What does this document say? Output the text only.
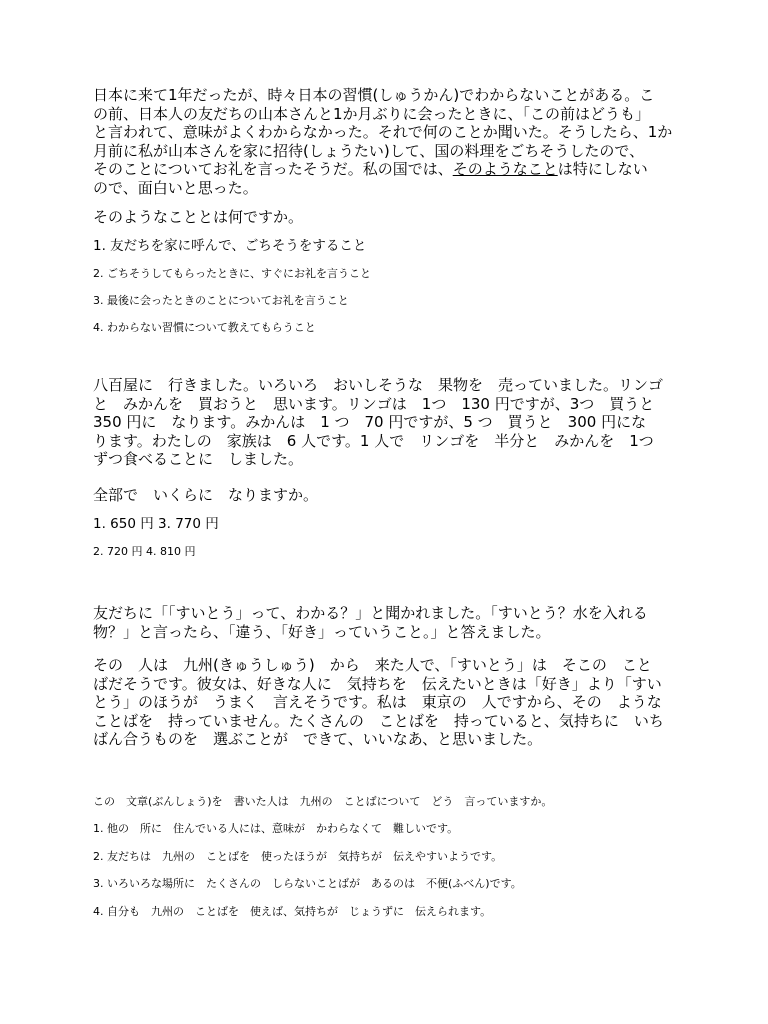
日本に来て1年だったが、時々日本の習慣(しゅうかん)でわからないことがある。こ
の前、日本人の友だちの山本さんと1か月ぶりに会ったときに、「この前はどうも」
と言われて、意味がよくわからなかった。それで何のことか聞いた。そうしたら、1か
月前に私が山本さんを家に招待(しょうたい)して、国の料理をごちそうしたので、
そのことについてお礼を言ったそうだ。私の国では、そのようなことは特にしない
ので、面白いと思った。
そのようなこととは何ですか。
1. 友だちを家に呼んで、ごちそうをすること
2. ごちそうしてもらったときに、すぐにお礼を言うこと
3. 最後に会ったときのことについてお礼を言うこと
4. わからない習慣について教えてもらうこと
八百屋に　行きました。いろいろ　おいしそうな　果物を　売っていました。リンゴ
と　みかんを　買おうと　思います。リンゴは　1つ　130 円ですが、3つ　買うと
350 円に　なります。みかんは　1 つ　70 円ですが、5 つ　買うと　300 円にな
ります。わたしの　家族は　6 人です。1 人で　リンゴを　半分と　みかんを　1つ
ずつ食べることに　しました。
全部で　いくらに　なりますか。
1. 650 円 3. 770 円
2. 720 円 4. 810 円
友だちに「「すいとう」って、わかる？」と聞かれました。「すいとう？水を入れる
物？」と言ったら、「違う、「好き」っていうこと。」と答えました。
その　人は　九州(きゅうしゅう)　から　来た人で、「すいとう」は　そこの　こと
ばだそうです。彼女は、好きな人に　気持ちを　伝えたいときは「好き」より「すい
とう」のほうが　うまく　言えそうです。私は　東京の　人ですから、その　ような
ことばを　持っていません。たくさんの　ことばを　持っていると、気持ちに　いち
ばん合うものを　選ぶことが　できて、いいなあ、と思いました。
この　文章(ぶんしょう)を　書いた人は　九州の　ことばについて　どう　言っていますか。
1. 他の　所に　住んでいる人には、意味が　かわらなくて　難しいです。
2. 友だちは　九州の　ことばを　使ったほうが　気持ちが　伝えやすいようです。
3. いろいろな場所に　たくさんの　しらないことばが　あるのは　不便(ふべん)です。
4. 自分も　九州の　ことばを　使えば、気持ちが　じょうずに　伝えられます。
